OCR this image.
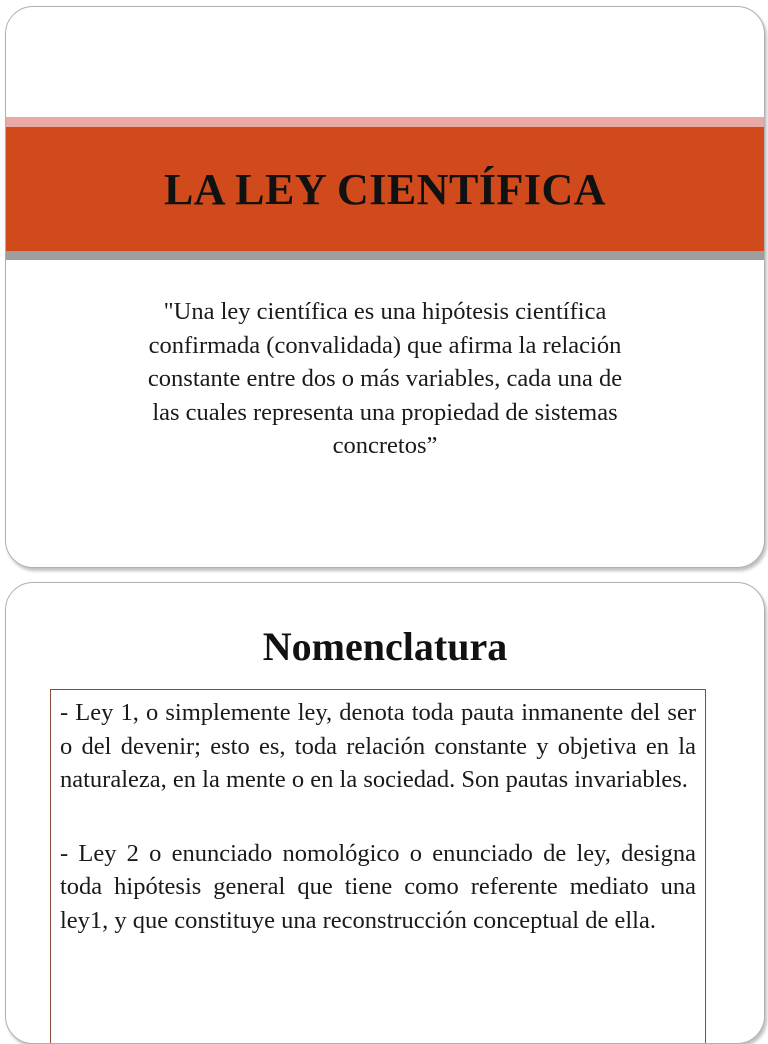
LA LEY CIENTÍFICA

"Una ley científica es una hipótesis científica
confirmada (convalidada) que afirma la relación
constante entre dos o más variables, cada una de
las cuales representa una propiedad de sistemas
concretos”

Nomenclatura

- Ley 1, o simplemente ley, denota toda pauta inmanente del ser o del devenir; esto es, toda relación constante y objetiva en la naturaleza, en la mente o en la sociedad. Son pautas invariables.

- Ley 2 o enunciado nomológico o enunciado de ley, designa toda hipótesis general que tiene como referente mediato una ley1, y que constituye una reconstrucción conceptual de ella.
